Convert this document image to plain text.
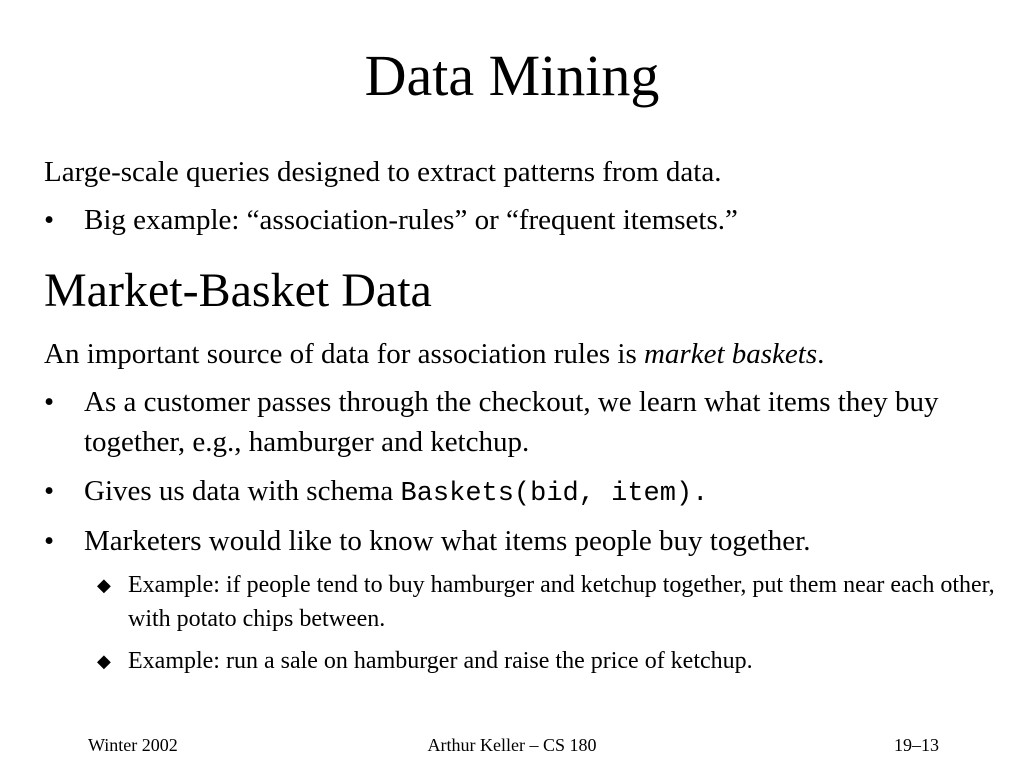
Data Mining

Large-scale queries designed to extract patterns from data.

• Big example: “association-rules” or “frequent itemsets.”
Market-Basket Data

An important source of data for association rules is market baskets.

• As a customer passes through the checkout, we learn what items they buy together, e.g., hamburger and ketchup.
• Gives us data with schema Baskets(bid, item).
• Marketers would like to know what items people buy together.
◆ Example: if people tend to buy hamburger and ketchup together, put them near each other, with potato chips between.
◆ Example: run a sale on hamburger and raise the price of ketchup.
Winter 2002	Arthur Keller – CS 180	19–13
